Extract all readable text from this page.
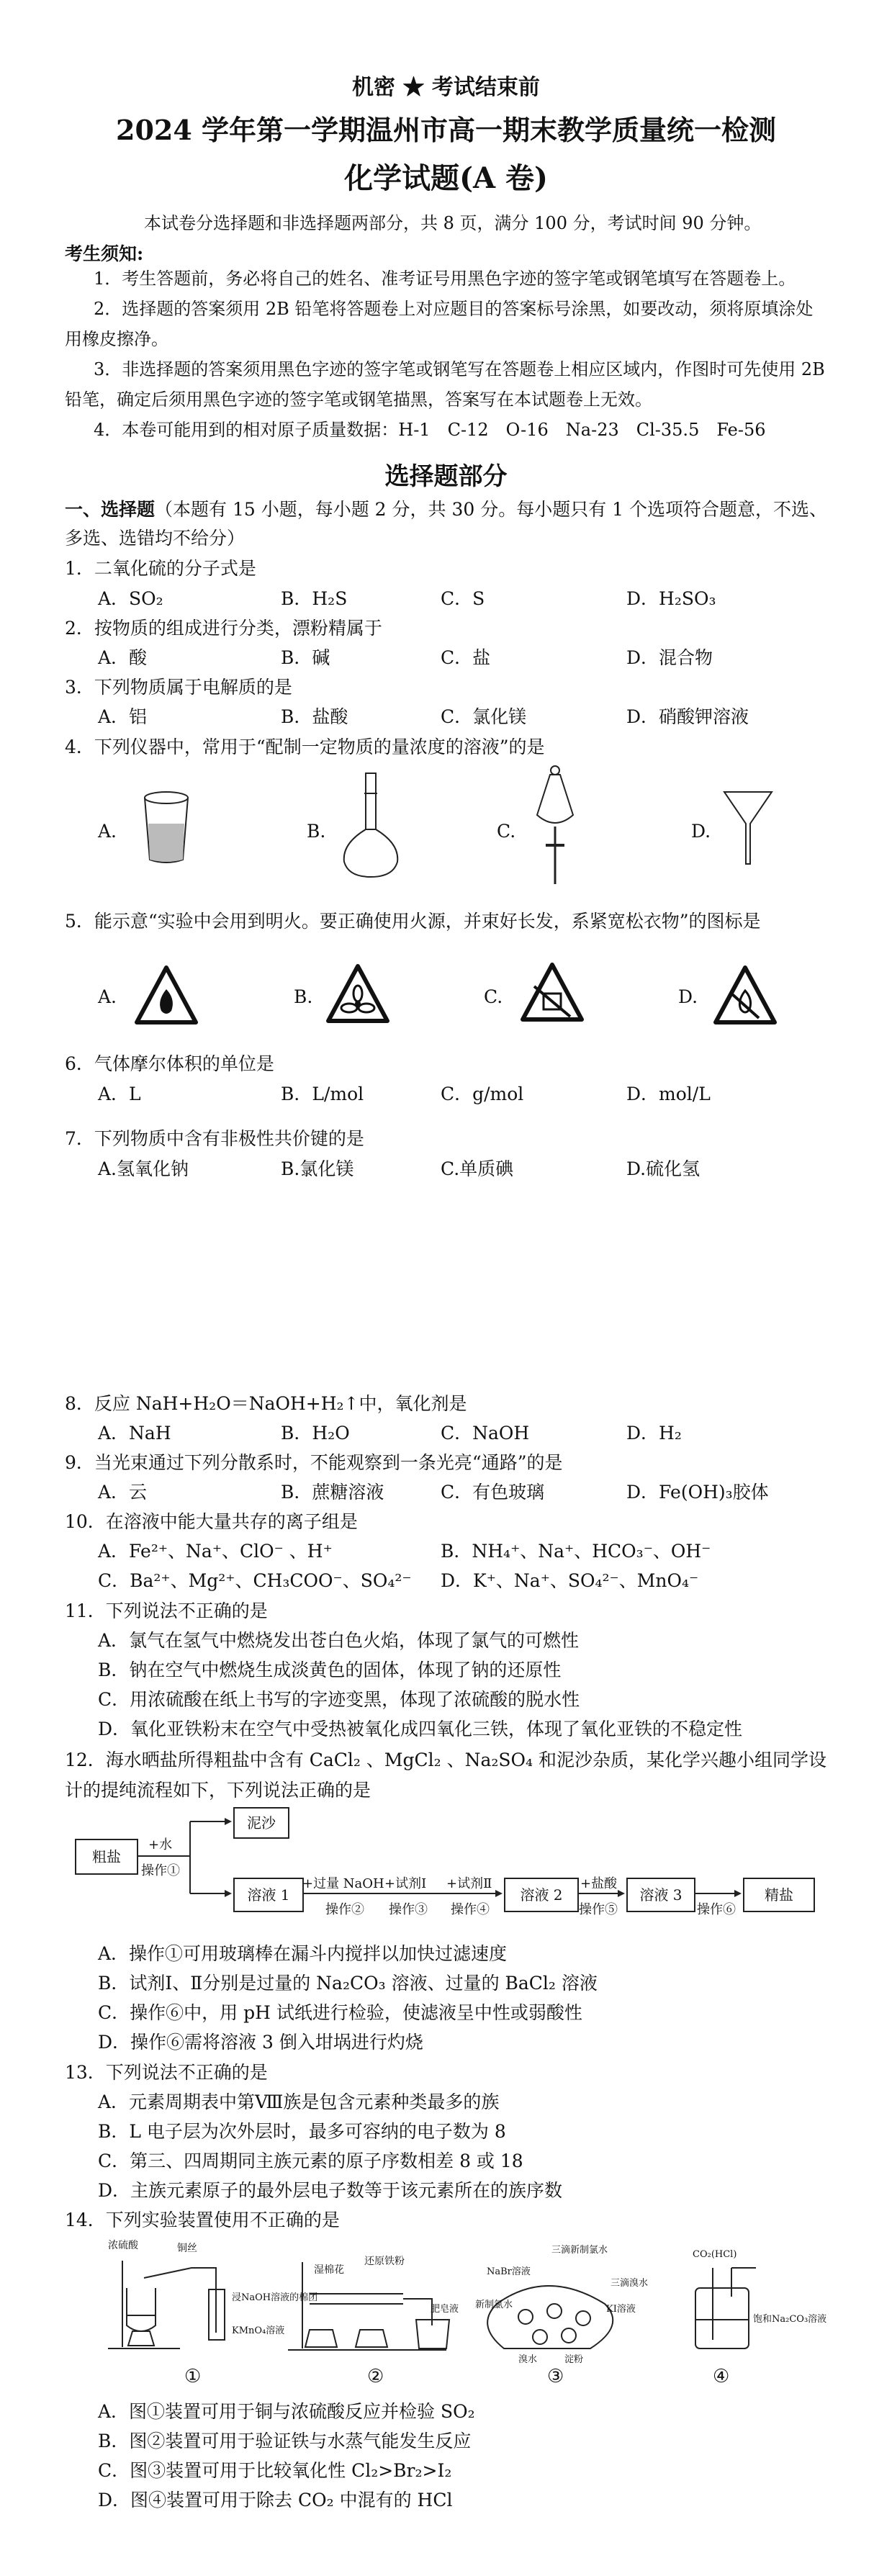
机密 ★ 考试结束前
2024 学年第一学期温州市高一期末教学质量统一检测
化学试题(A 卷)
本试卷分选择题和非选择题两部分，共 8 页，满分 100 分，考试时间 90 分钟。
考生须知:
1．考生答题前，务必将自己的姓名、准考证号用黑色字迹的签字笔或钢笔填写在答题卷上。
2．选择题的答案须用 2B 铅笔将答题卷上对应题目的答案标号涂黑，如要改动，须将原填涂处用橡皮擦净。
3．非选择题的答案须用黑色字迹的签字笔或钢笔写在答题卷上相应区域内，作图时可先使用 2B 铅笔，确定后须用黑色字迹的签字笔或钢笔描黑，答案写在本试题卷上无效。
4．本卷可能用到的相对原子质量数据：H-1　C-12　O-16　Na-23　Cl-35.5　Fe-56
选择题部分
一、选择题（本题有 15 小题，每小题 2 分，共 30 分。每小题只有 1 个选项符合题意，不选、多选、选错均不给分）
1．二氧化硫的分子式是
A．SO₂	B．H₂S	C．S	D．H₂SO₃
2．按物质的组成进行分类，漂粉精属于
A．酸	B．碱	C．盐	D．混合物
3．下列物质属于电解质的是
A．铝	B．盐酸	C．氯化镁	D．硝酸钾溶液
4．下列仪器中，常用于“配制一定物质的量浓度的溶液”的是
A.	B.	C.	D.
5．能示意“实验中会用到明火。要正确使用火源，并束好长发，系紧宽松衣物”的图标是
A.	B.	C.	D.
6．气体摩尔体积的单位是
A．L	B．L/mol	C．g/mol	D．mol/L
7．下列物质中含有非极性共价键的是
A.氢氧化钠	B.氯化镁	C.单质碘	D.硫化氢
8．反应 NaH+H₂O＝NaOH+H₂↑中，氧化剂是
A．NaH	B．H₂O	C．NaOH	D．H₂
9．当光束通过下列分散系时，不能观察到一条光亮“通路”的是
A．云	B．蔗糖溶液	C．有色玻璃	D．Fe(OH)₃胶体
10．在溶液中能大量共存的离子组是
A．Fe²⁺、Na⁺、ClO⁻ 、H⁺	B．NH₄⁺、Na⁺、HCO₃⁻、OH⁻
C．Ba²⁺、Mg²⁺、CH₃COO⁻、SO₄²⁻ D．K⁺、Na⁺、SO₄²⁻、MnO₄⁻
11．下列说法不正确的是
A．氯气在氢气中燃烧发出苍白色火焰，体现了氯气的可燃性
B．钠在空气中燃烧生成淡黄色的固体，体现了钠的还原性
C．用浓硫酸在纸上书写的字迹变黑，体现了浓硫酸的脱水性
D．氧化亚铁粉末在空气中受热被氧化成四氧化三铁，体现了氧化亚铁的不稳定性
12．海水晒盐所得粗盐中含有 CaCl₂ 、MgCl₂ 、Na₂SO₄ 和泥沙杂质，某化学兴趣小组同学设计的提纯流程如下，下列说法正确的是
粗盐
+水
操作①
泥沙
溶液 1
+过量 NaOH
操作②
+试剂Ⅰ
操作③
+试剂Ⅱ
操作④
溶液 2
+盐酸
操作⑤
溶液 3
操作⑥
精盐
A．操作①可用玻璃棒在漏斗内搅拌以加快过滤速度
B．试剂Ⅰ、Ⅱ分别是过量的 Na₂CO₃ 溶液、过量的 BaCl₂ 溶液
C．操作⑥中，用 pH 试纸进行检验，使滤液呈中性或弱酸性
D．操作⑥需将溶液 3 倒入坩埚进行灼烧
13．下列说法不正确的是
A．元素周期表中第Ⅷ族是包含元素种类最多的族
B．L 电子层为次外层时，最多可容纳的电子数为 8
C．第三、四周期同主族元素的原子序数相差 8 或 18
D．主族元素原子的最外层电子数等于该元素所在的族序数
14．下列实验装置使用不正确的是
浓硫酸	铜丝
浸NaOH溶液的棉团
KMnO₄溶液
湿棉花
还原铁粉
肥皂液
三滴新制氯水
NaBr溶液
新制氯水
三滴溴水
KI溶液
淀粉
溴水
CO₂(HCl)
饱和Na₂CO₃溶液
①	②	③	④
A．图①装置可用于铜与浓硫酸反应并检验 SO₂
B．图②装置可用于验证铁与水蒸气能发生反应
C．图③装置可用于比较氧化性 Cl₂>Br₂>I₂
D．图④装置可用于除去 CO₂ 中混有的 HCl
